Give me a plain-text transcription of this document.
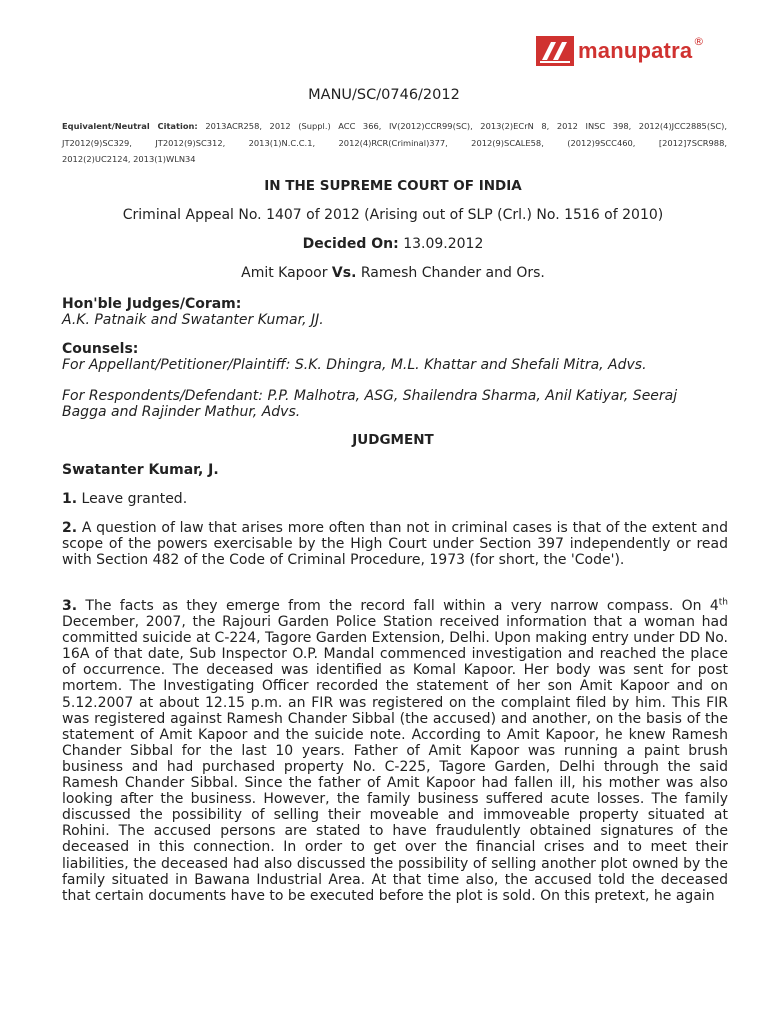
manupatra ®
MANU/SC/0746/2012
Equivalent/Neutral Citation: 2013ACR258, 2012 (Suppl.) ACC 366, IV(2012)CCR99(SC), 2013(2)ECrN 8, 2012 INSC 398, 2012(4)JCC2885(SC),
JT2012(9)SC329, JT2012(9)SC312, 2013(1)N.C.C.1, 2012(4)RCR(Criminal)377, 2012(9)SCALE58, (2012)9SCC460, [2012]7SCR988,
2012(2)UC2124, 2013(1)WLN34
IN THE SUPREME COURT OF INDIA
Criminal Appeal No. 1407 of 2012 (Arising out of SLP (Crl.) No. 1516 of 2010)
Decided On: 13.09.2012
Amit Kapoor Vs. Ramesh Chander and Ors.
Hon'ble Judges/Coram:
A.K. Patnaik and Swatanter Kumar, JJ.
Counsels:
For Appellant/Petitioner/Plaintiff: S.K. Dhingra, M.L. Khattar and Shefali Mitra, Advs.
For Respondents/Defendant: P.P. Malhotra, ASG, Shailendra Sharma, Anil Katiyar, Seeraj
Bagga and Rajinder Mathur, Advs.
JUDGMENT
Swatanter Kumar, J.
1. Leave granted.
2. A question of law that arises more often than not in criminal cases is that of the extent and scope of the powers exercisable by the High Court under Section 397 independently or read with Section 482 of the Code of Criminal Procedure, 1973 (for short, the 'Code').
3. The facts as they emerge from the record fall within a very narrow compass. On 4th December, 2007, the Rajouri Garden Police Station received information that a woman had committed suicide at C-224, Tagore Garden Extension, Delhi. Upon making entry under DD No. 16A of that date, Sub Inspector O.P. Mandal commenced investigation and reached the place of occurrence. The deceased was identified as Komal Kapoor. Her body was sent for post mortem. The Investigating Officer recorded the statement of her son Amit Kapoor and on 5.12.2007 at about 12.15 p.m. an FIR was registered on the complaint filed by him. This FIR was registered against Ramesh Chander Sibbal (the accused) and another, on the basis of the statement of Amit Kapoor and the suicide note. According to Amit Kapoor, he knew Ramesh Chander Sibbal for the last 10 years. Father of Amit Kapoor was running a paint brush business and had purchased property No. C-225, Tagore Garden, Delhi through the said Ramesh Chander Sibbal. Since the father of Amit Kapoor had fallen ill, his mother was also looking after the business. However, the family business suffered acute losses. The family discussed the possibility of selling their moveable and immoveable property situated at Rohini. The accused persons are stated to have fraudulently obtained signatures of the deceased in this connection. In order to get over the financial crises and to meet their liabilities, the deceased had also discussed the possibility of selling another plot owned by the family situated in Bawana Industrial Area. At that time also, the accused told the deceased that certain documents have to be executed before the plot is sold. On this pretext, he again
